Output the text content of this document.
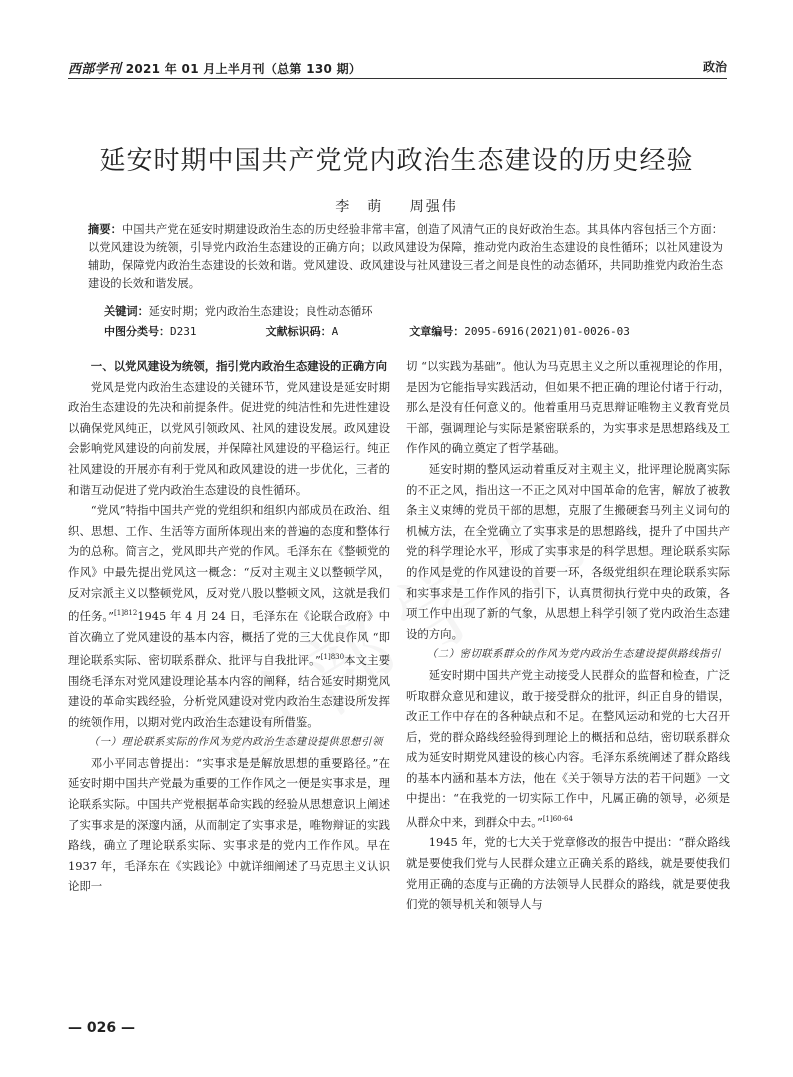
西部学刊 2021 年 01 月上半月刊（总第 130 期）	政治
延安时期中国共产党党内政治生态建设的历史经验
李　萌 周强伟
摘要：中国共产党在延安时期建设政治生态的历史经验非常丰富，创造了风清气正的良好政治生态。其具体内容包括三个方面：以党风建设为统领，引导党内政治生态建设的正确方向；以政风建设为保障，推动党内政治生态建设的良性循环；以社风建设为辅助，保障党内政治生态建设的长效和谐。党风建设、政风建设与社风建设三者之间是良性的动态循环，共同助推党内政治生态建设的长效和谐发展。
关键词：延安时期；党内政治生态建设；良性动态循环
中图分类号：D231	文献标识码：A	文章编号：2095-6916(2021)01-0026-03
一、以党风建设为统领，指引党内政治生态建设的正确方向

党风是党内政治生态建设的关键环节，党风建设是延安时期政治生态建设的先决和前提条件。促进党的纯洁性和先进性建设以确保党风纯正，以党风引领政风、社风的建设发展。政风建设会影响党风建设的向前发展，并保障社风建设的平稳运行。纯正社风建设的开展亦有利于党风和政风建设的进一步优化，三者的和谐互动促进了党内政治生态建设的良性循环。

“党风”特指中国共产党的党组织和组织内部成员在政治、组织、思想、工作、生活等方面所体现出来的普遍的态度和整体行为的总称。简言之，党风即共产党的作风。毛泽东在《整顿党的作风》中最先提出党风这一概念：“反对主观主义以整顿学风，反对宗派主义以整顿党风，反对党八股以整顿文风，这就是我们的任务。”$^{[1]812}$1945 年 4 月 24 日，毛泽东在《论联合政府》中首次确立了党风建设的基本内容，概括了党的三大优良作风 “即理论联系实际、密切联系群众、批评与自我批评。”$^{[1]830}$本文主要围绕毛泽东对党风建设理论基本内容的阐释，结合延安时期党风建设的革命实践经验，分析党风建设对党内政治生态建设所发挥的统领作用，以期对党内政治生态建设有所借鉴。

（一）理论联系实际的作风为党内政治生态建设提供思想引领

邓小平同志曾提出：“实事求是是解放思想的重要路径。”在延安时期中国共产党最为重要的工作作风之一便是实事求是，理论联系实际。中国共产党根据革命实践的经验从思想意识上阐述了实事求是的深邃内涵，从而制定了实事求是，唯物辩证的实践路线，确立了理论联系实际、实事求是的党内工作作风。早在 1937 年，毛泽东在《实践论》中就详细阐述了马克思主义认识论即一

切 “以实践为基础”。他认为马克思主义之所以重视理论的作用，是因为它能指导实践活动，但如果不把正确的理论付诸于行动，那么是没有任何意义的。他着重用马克思辩证唯物主义教育党员干部，强调理论与实际是紧密联系的，为实事求是思想路线及工作作风的确立奠定了哲学基础。

延安时期的整风运动着重反对主观主义，批评理论脱离实际的不正之风，指出这一不正之风对中国革命的危害，解放了被教条主义束缚的党员干部的思想，克服了生搬硬套马列主义词句的机械方法，在全党确立了实事求是的思想路线，提升了中国共产党的科学理论水平，形成了实事求是的科学思想。理论联系实际的作风是党的作风建设的首要一环，各级党组织在理论联系实际和实事求是工作作风的指引下，认真贯彻执行党中央的政策，各项工作中出现了新的气象，从思想上科学引领了党内政治生态建设的方向。

（二）密切联系群众的作风为党内政治生态建设提供路线指引

延安时期中国共产党主动接受人民群众的监督和检查，广泛听取群众意见和建议，敢于接受群众的批评，纠正自身的错误，改正工作中存在的各种缺点和不足。在整风运动和党的七大召开后，党的群众路线经验得到理论上的概括和总结，密切联系群众成为延安时期党风建设的核心内容。毛泽东系统阐述了群众路线的基本内涵和基本方法，他在《关于领导方法的若干问题》一文中提出：“在我党的一切实际工作中，凡属正确的领导，必须是从群众中来，到群众中去。”$^{[1]60-64}$

1945 年，党的七大关于党章修改的报告中提出：“群众路线就是要使我们党与人民群众建立正确关系的路线，就是要使我们党用正确的态度与正确的方法领导人民群众的路线，就是要使我们党的领导机关和领导人与

— 026 —
